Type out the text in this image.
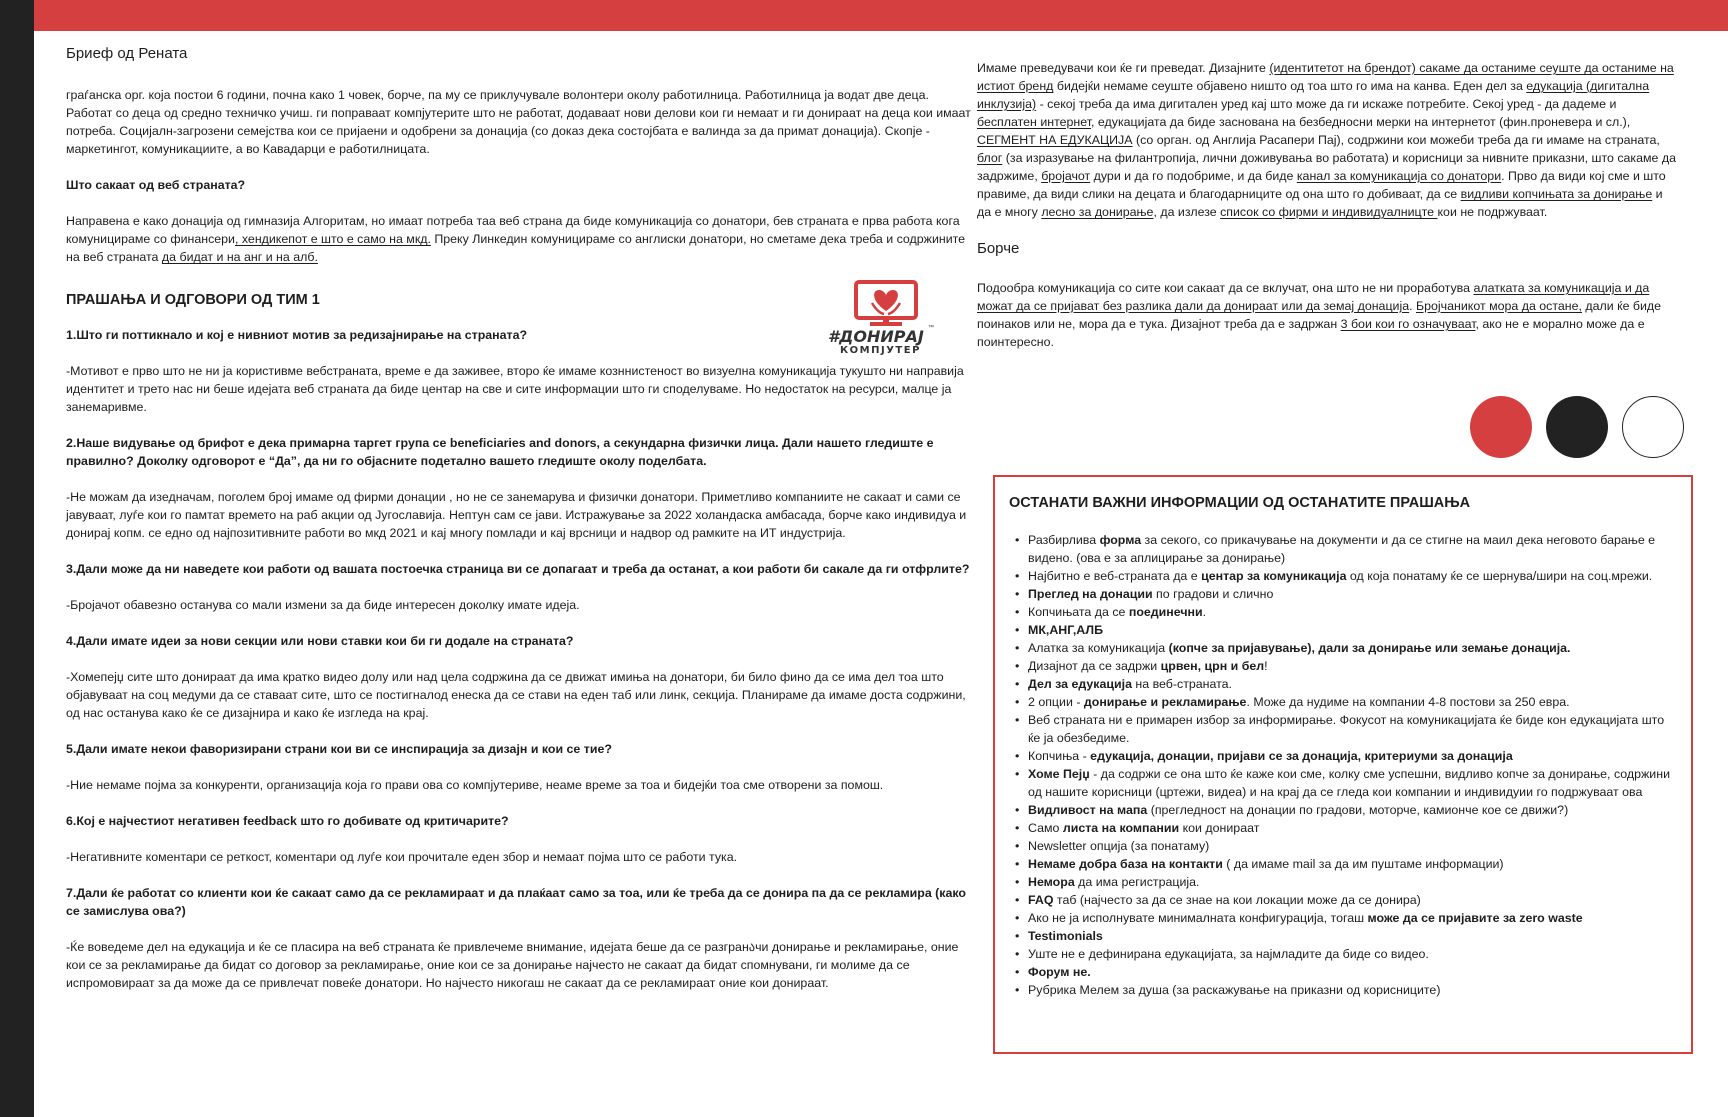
Бриеф од Рената
граѓанска орг. која постои 6 години, почна како 1 човек, борче, па му се приклучувале волонтери околу работилница. Работилница ја водат две деца. Работат со деца од средно техничко учиш. ги поправаат компјутерите што не работат, додаваат нови делови кои ги немаат и ги донираат на деца кои имаат потреба. Социјалн-загрозени семејства кои се пријаени и одобрени за донација (со доказ дека состојбата е валинда за да примат донација). Скопје - маркетингот, комуникациите, а во Кавадарци е работилницата.
Што сакаат од веб страната?
Направена е како донација од гимназија Алгоритам, но имаат потреба таа веб страна да биде комуникација со донатори, бев страната е прва работа кога комуницираме со финансери, хендикепот е што е само на мкд. Преку Линкедин комуницираме со англиски донатори, но сметаме дека треба и содржините на веб страната да бидат и на анг и на алб.
ПРАШАЊА И ОДГОВОРИ ОД ТИМ 1
1.Што ги поттикнало и кој е нивниот мотив за редизајнирање на страната?
-Мотивот е прво што не ни ја користивме вебстраната, време е да заживее, второ ќе имаме козннистеност во визуелна комуникација тукушто ни направија идентитет и трето нас ни беше идејата веб страната да биде центар на све и сите информации што ги споделуваме. Но недостаток на ресурси, малце ја занемаривме.
2.Наше видување од брифот е дека примарна таргет група се beneficiaries and donors, а секундарна физички лица. Дали нашето гледиште е правилно? Доколку одговорот е “Да”, да ни го објасните подетално вашето гледиште околу поделбата.
-Не можам да изедначам, поголем број имаме од фирми донации , но не се занемарува и физички донатори. Приметливо компаниите не сакаат и сами се јавуваат, луѓе кои го памтат времето на раб акции од Југославија. Нептун сам се јави. Истражување за 2022 холандаска амбасада, борче како индивидуа и донирај копм. се едно од најпозитивните работи во мкд 2021 и кај многу помлади и кај врсници и надвор од рамките на ИТ индустрија.
3.Дали може да ни наведете кои работи од вашата постоечка страница ви се допагаат и треба да останат, а кои работи би сакале да ги отфрлите?
-Бројачот обавезно останува со мали измени за да биде интересен доколку имате идеја.
4.Дали имате идеи за нови секции или нови ставки кои би ги додале на страната?
-Хомепејџ сите што донираат да има кратко видео долу или над цела содржина да се движат имиња на донатори, би било фино да се има дел тоа што објавуваат на соц медуми да се ставаат сите, што се постигналод енеска да се стави на еден таб или линк, секција. Планираме да имаме доста содржини, од нас останува како ќе се дизајнира и како ќе изгледа на крај.
5.Дали имате некои фаворизирани страни кои ви се инспирација за дизајн и кои се тие?
-Ние немаме појма за конкуренти, организација која го прави ова со компјутериве, неаме време за тоа и бидејќи тоа сме отворени за помош.
6.Кој е најчестиот негативен feedback што го добивате од критичарите?
-Негативните коментари се реткост, коментари од луѓе кои прочитале еден збор и немаат појма што се работи тука.
7.Дали ќе работат со клиенти кои ќе сакаат само да се рекламираат и да плаќаат само за тоа, или ќе треба да се донира па да се рекламира (како се замислува ова?)
-Ќе воведеме дел на едукација и ќе се пласира на веб страната ќе привлечеме внимание, идејата беше да се разгранაчи донирање и рекламирање, оние кои се за рекламирање да бидат со договор за рекламирање, оние кои се за донирање најчесто не сакаат да бидат спомнувани, ги молиме да се испромовираат за да може да се привлечат повеќе донатори. Но најчесто никогаш не сакаат да се рекламираат оние кои донираат.
#ДОНИРАЈ ™
КОМПЈУТЕР
Имаме преведувачи кои ќе ги преведат. Дизајните (идентитетот на брендот) сакаме да останиме сеуште да останиме на истиот бренд бидејќи немаме сеуште објавено ништо од тоа што го има на канва. Еден дел за едукација (дигитална инклузија) - секој треба да има дигитален уред кај што може да ги искаже потребите. Секој уред - да дадеме и бесплатен интернет, едукацијата да биде заснована на безбедносни мерки на интернетот (фин.проневера и сл.), СЕГМЕНТ НА ЕДУКАЦИЈА (со орган. од Англија Расапери Пај), содржини кои можеби треба да ги имаме на страната, блог (за изразување на филантропија, лични доживувања во работата) и корисници за нивните приказни, што сакаме да задржиме, бројачот дури и да го подобриме, и да биде канал за комуникација со донатори. Прво да види кој сме и што правиме, да види слики на децата и благодарниците од она што го добиваат, да се видливи копчињата за донирање и да е многу лесно за донирање, да излезе список со фирми и индивидуалницте кои не подржуваат.
Борче
Подообра комуникација со сите кои сакаат да се вклучат, она што не ни проработува алатката за комуникација и да можат да се пријават без разлика дали да донираат или да земај донација. Бројчаникот мора да остане, дали ќе биде поинаков или не, мора да е тука. Дизајнот треба да е задржан 3 бои кои го означуваат, ако не е морално може да е поинтересно.
ОСТАНАТИ ВАЖНИ ИНФОРМАЦИИ ОД ОСТАНАТИТЕ ПРАШАЊА
• Разбирлива форма за секого, со прикачување на документи и да се стигне на маил дека неговото барање е видено. (ова е за аплицирање за донирање)
• Најбитно е веб-страната да е центар за комуникација од која понатаму ќе се шернува/шири на соц.мрежи.
• Преглед на донации по градови и слично
• Копчињата да се поединечни.
• МК,АНГ,АЛБ
• Алатка за комуникација (копче за пријавување), дали за донирање или земање донација.
• Дизајнот да се задржи црвен, црн и бел!
• Дел за едукација на веб-страната.
• 2 опции - донирање и рекламирање. Може да нудиме на компании 4-8 постови за 250 евра.
• Веб страната ни е примарен избор за информирање. Фокусот на комуникацијата ќе биде кон едукацијата што ќе ја обезбедиме.
• Копчиња - едукација, донации, пријави се за донација, критериуми за донација
• Хоме Пејџ - да содржи се она што ќе каже кои сме, колку сме успешни, видливо копче за донирање, содржини од нашите корисници (цртежи, видеа) и на крај да се гледа кои компании и индивидуии го подржуваат ова
• Видливост на мапа (прегледност на донации по градови, моторче, камионче кое се движи?)
• Само листа на компании кои донираат
• Newsletter опција (за понатаму)
• Немаме добра база на контакти ( да имаме mail за да им пуштаме информации)
• Немора да има регистрација.
• FAQ таб (најчесто за да се знае на кои локации може да се донира)
• Ако не ја исполнувате минималната конфигурација, тогаш може да се пријавите за zero waste
• Testimonials
• Уште не е дефинирана едукацијата, за најмладите да биде со видео.
• Форум не.
• Рубрика Мелем за душа (за раскажување на приказни од корисниците)
